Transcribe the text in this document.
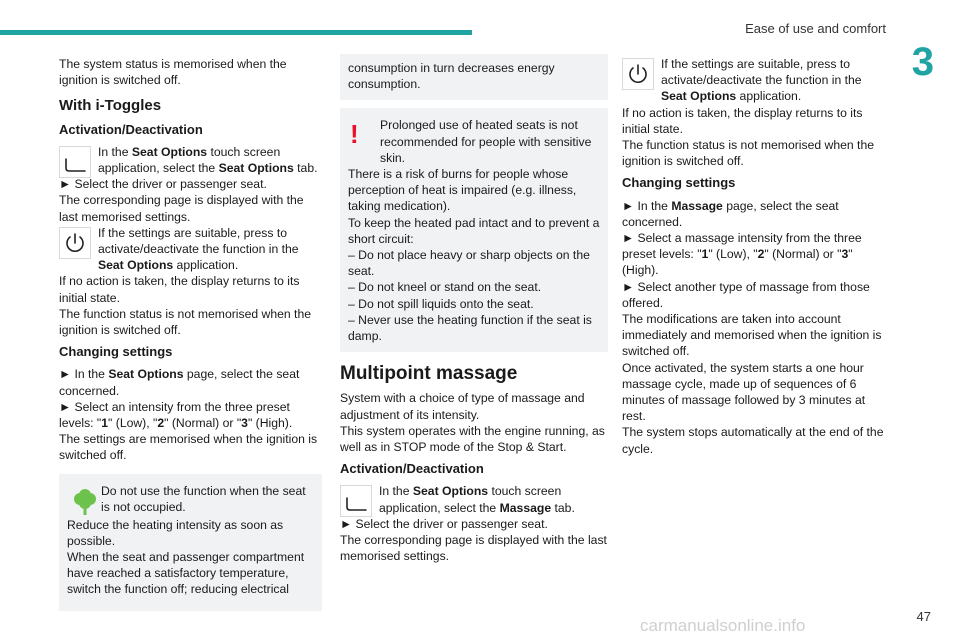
Ease of use and comfort
3

The system status is memorised when the ignition is switched off.

With i-Toggles
Activation/Deactivation
In the Seat Options touch screen application, select the Seat Options tab.

► Select the driver or passenger seat.

The corresponding page is displayed with the last memorised settings.

If the settings are suitable, press to activate/deactivate the function in the Seat Options application.

If no action is taken, the display returns to its initial state.

The function status is not memorised when the ignition is switched off.

Changing settings

► In the Seat Options page, select the seat concerned.

► Select an intensity from the three preset levels: "1" (Low), "2" (Normal) or "3" (High).

The settings are memorised when the ignition is switched off.

Do not use the function when the seat is not occupied.

Reduce the heating intensity as soon as possible.

When the seat and passenger compartment have reached a satisfactory temperature, switch the function off; reducing electrical

consumption in turn decreases energy consumption.

! Prolonged use of heated seats is not recommended for people with sensitive skin.

There is a risk of burns for people whose perception of heat is impaired (e.g. illness, taking medication).

To keep the heated pad intact and to prevent a short circuit:

– Do not place heavy or sharp objects on the seat.

– Do not kneel or stand on the seat.

– Do not spill liquids onto the seat.

– Never use the heating function if the seat is damp.

Multipoint massage

System with a choice of type of massage and adjustment of its intensity.

This system operates with the engine running, as well as in STOP mode of the Stop & Start.

Activation/Deactivation
In the Seat Options touch screen application, select the Massage tab.

► Select the driver or passenger seat.

The corresponding page is displayed with the last memorised settings.

If the settings are suitable, press to activate/deactivate the function in the Seat Options application.

If no action is taken, the display returns to its initial state.

The function status is not memorised when the ignition is switched off.

Changing settings

► In the Massage page, select the seat concerned.

► Select a massage intensity from the three preset levels: "1" (Low), "2" (Normal) or "3" (High).

► Select another type of massage from those offered.

The modifications are taken into account immediately and memorised when the ignition is switched off.

Once activated, the system starts a one hour massage cycle, made up of sequences of 6 minutes of massage followed by 3 minutes at rest.

The system stops automatically at the end of the cycle.

47
carmanualsonline.info
